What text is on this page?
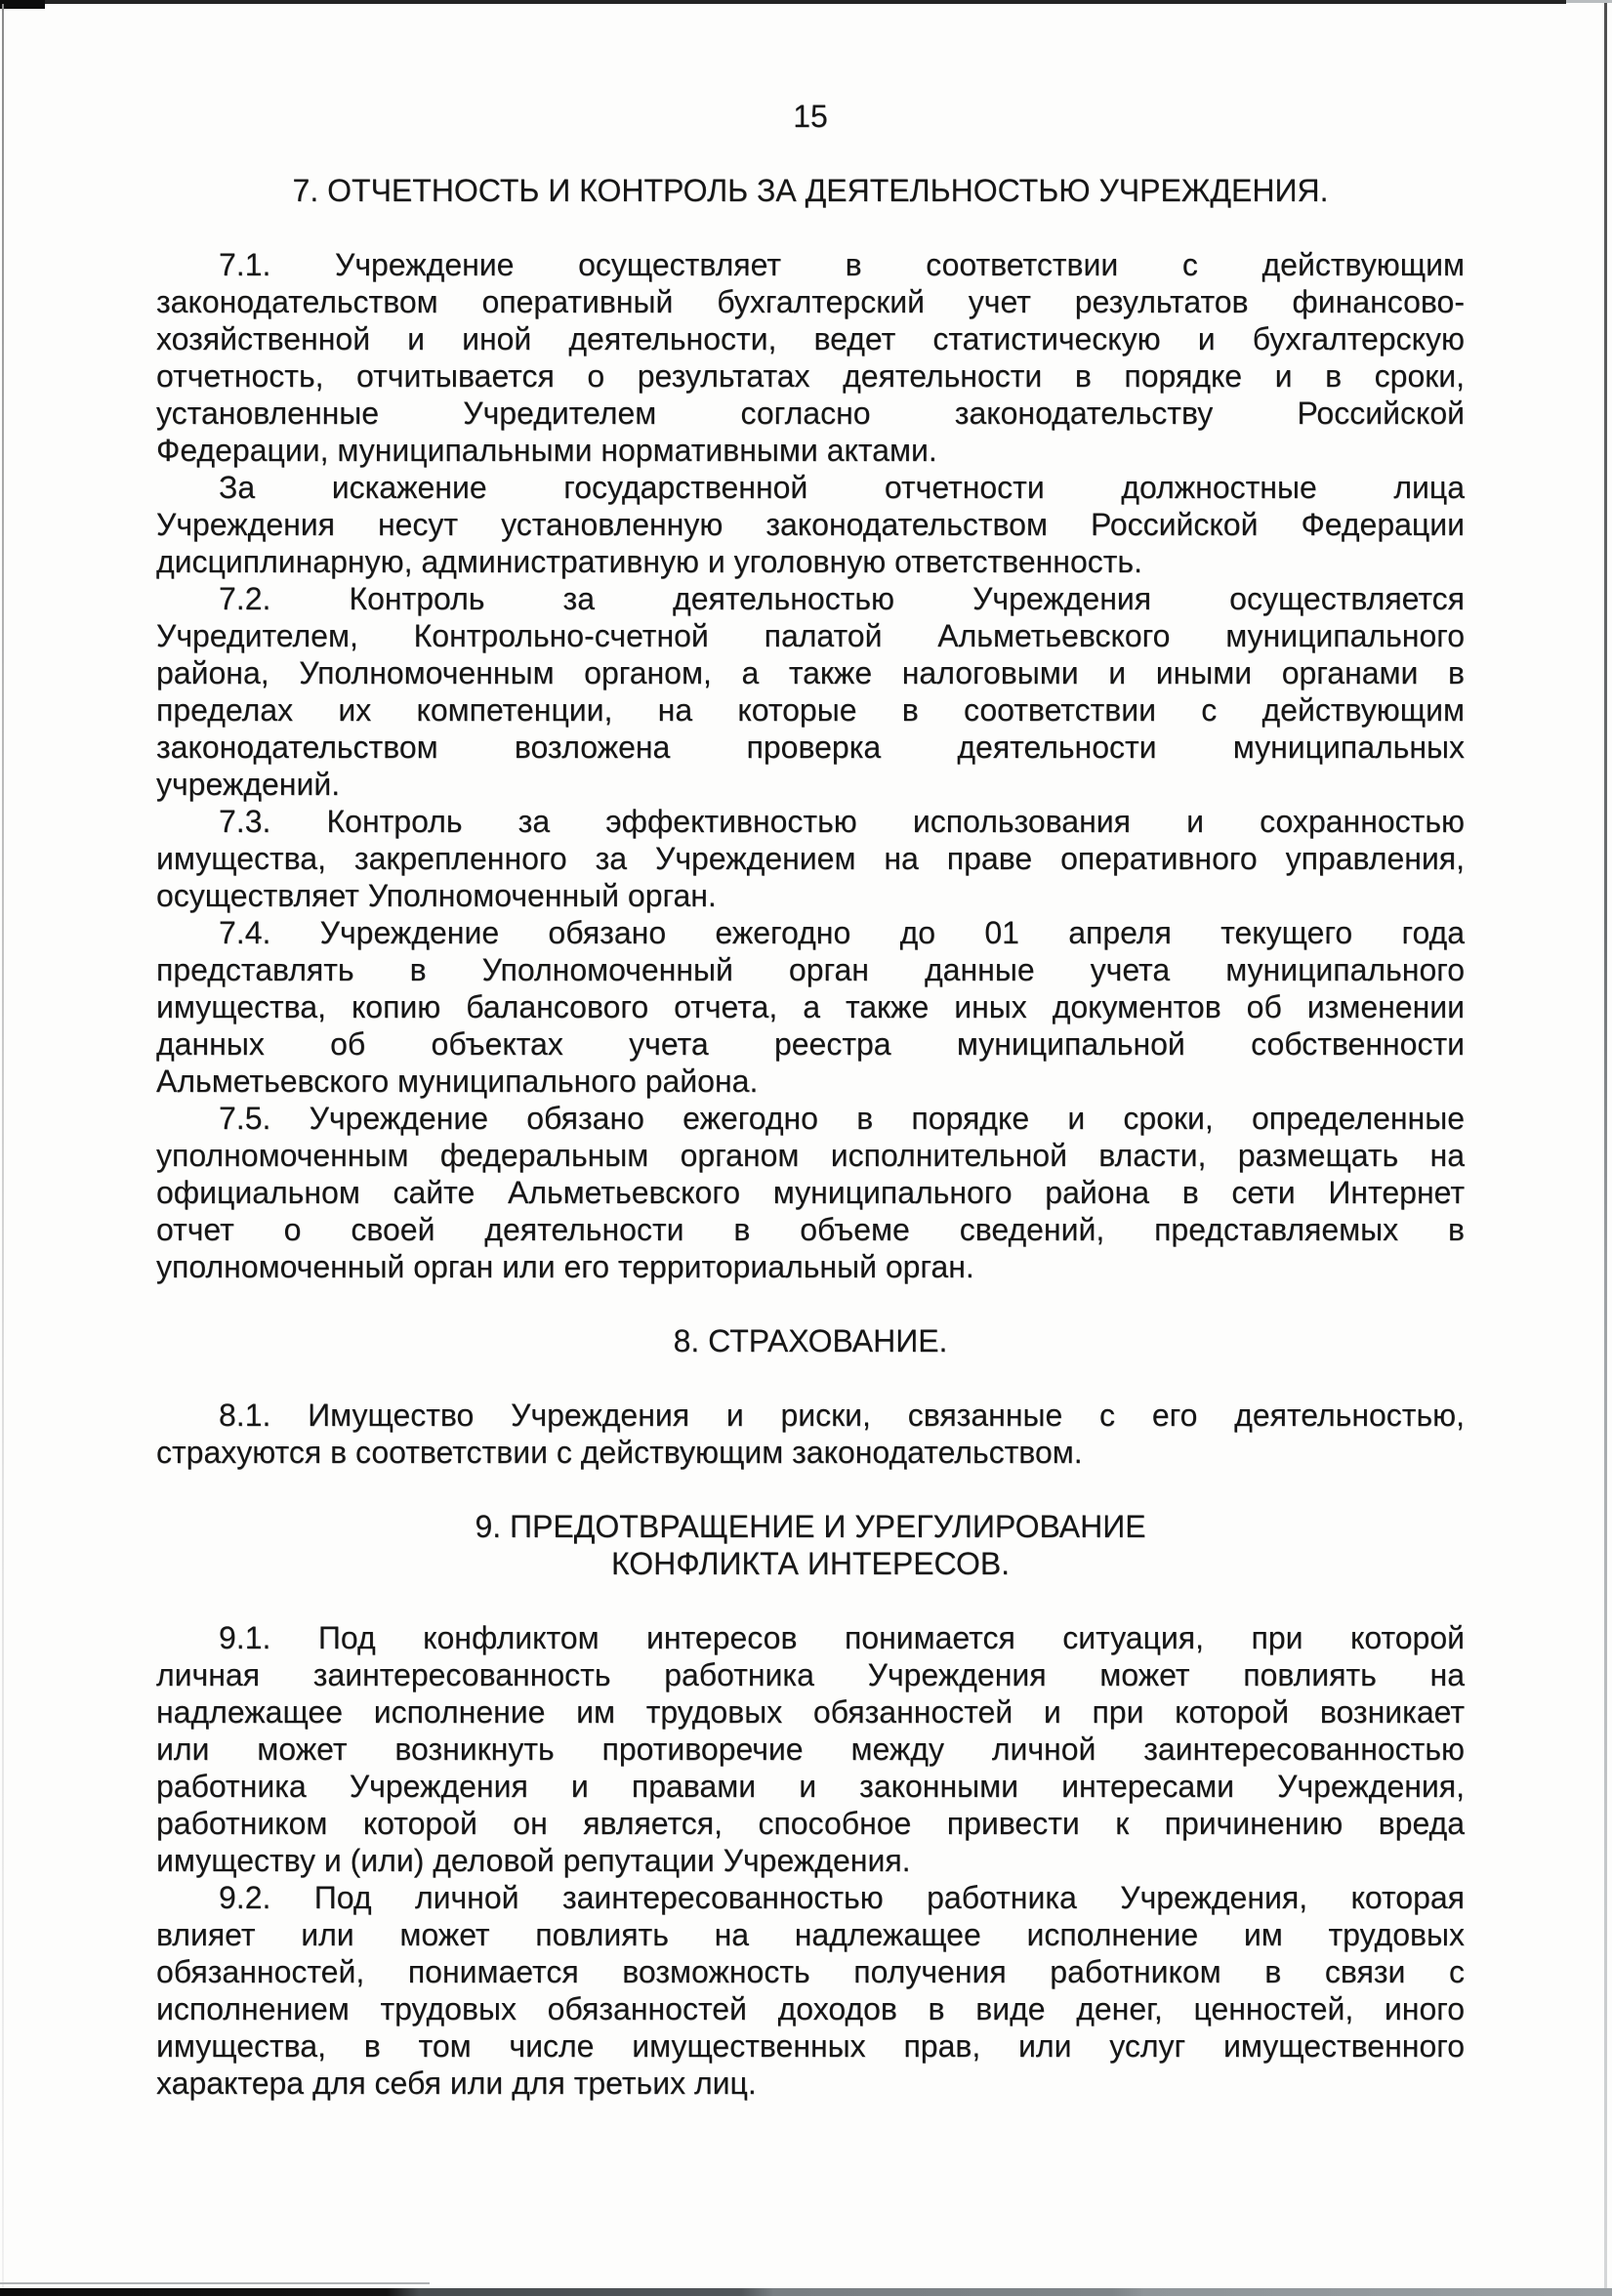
15
7. ОТЧЕТНОСТЬ И КОНТРОЛЬ ЗА ДЕЯТЕЛЬНОСТЬЮ УЧРЕЖДЕНИЯ.
7.1. Учреждение осуществляет в соответствии с действующим
законодательством оперативный бухгалтерский учет результатов финансово-
хозяйственной и иной деятельности, ведет статистическую и бухгалтерскую
отчетность, отчитывается о результатах деятельности в порядке и в сроки,
установленные Учредителем согласно законодательству Российской
Федерации, муниципальными нормативными актами.
За искажение государственной отчетности должностные лица
Учреждения несут установленную законодательством Российской Федерации
дисциплинарную, административную и уголовную ответственность.
7.2. Контроль за деятельностью Учреждения осуществляется
Учредителем, Контрольно-счетной палатой Альметьевского муниципального
района, Уполномоченным органом, а также налоговыми и иными органами в
пределах их компетенции, на которые в соответствии с действующим
законодательством возложена проверка деятельности муниципальных
учреждений.
7.3. Контроль за эффективностью использования и сохранностью
имущества, закрепленного за Учреждением на праве оперативного управления,
осуществляет Уполномоченный орган.
7.4. Учреждение обязано ежегодно до 01 апреля текущего года
представлять в Уполномоченный орган данные учета муниципального
имущества, копию балансового отчета, а также иных документов об изменении
данных об объектах учета реестра муниципальной собственности
Альметьевского муниципального района.
7.5. Учреждение обязано ежегодно в порядке и сроки, определенные
уполномоченным федеральным органом исполнительной власти, размещать на
официальном сайте Альметьевского муниципального района в сети Интернет
отчет о своей деятельности в объеме сведений, представляемых в
уполномоченный орган или его территориальный орган.
8. СТРАХОВАНИЕ.
8.1. Имущество Учреждения и риски, связанные с его деятельностью,
страхуются в соответствии с действующим законодательством.
9. ПРЕДОТВРАЩЕНИЕ И УРЕГУЛИРОВАНИЕ
КОНФЛИКТА ИНТЕРЕСОВ.
9.1. Под конфликтом интересов понимается ситуация, при которой
личная заинтересованность работника Учреждения может повлиять на
надлежащее исполнение им трудовых обязанностей и при которой возникает
или может возникнуть противоречие между личной заинтересованностью
работника Учреждения и правами и законными интересами Учреждения,
работником которой он является, способное привести к причинению вреда
имуществу и (или) деловой репутации Учреждения.
9.2. Под личной заинтересованностью работника Учреждения, которая
влияет или может повлиять на надлежащее исполнение им трудовых
обязанностей, понимается возможность получения работником в связи с
исполнением трудовых обязанностей доходов в виде денег, ценностей, иного
имущества, в том числе имущественных прав, или услуг имущественного
характера для себя или для третьих лиц.
